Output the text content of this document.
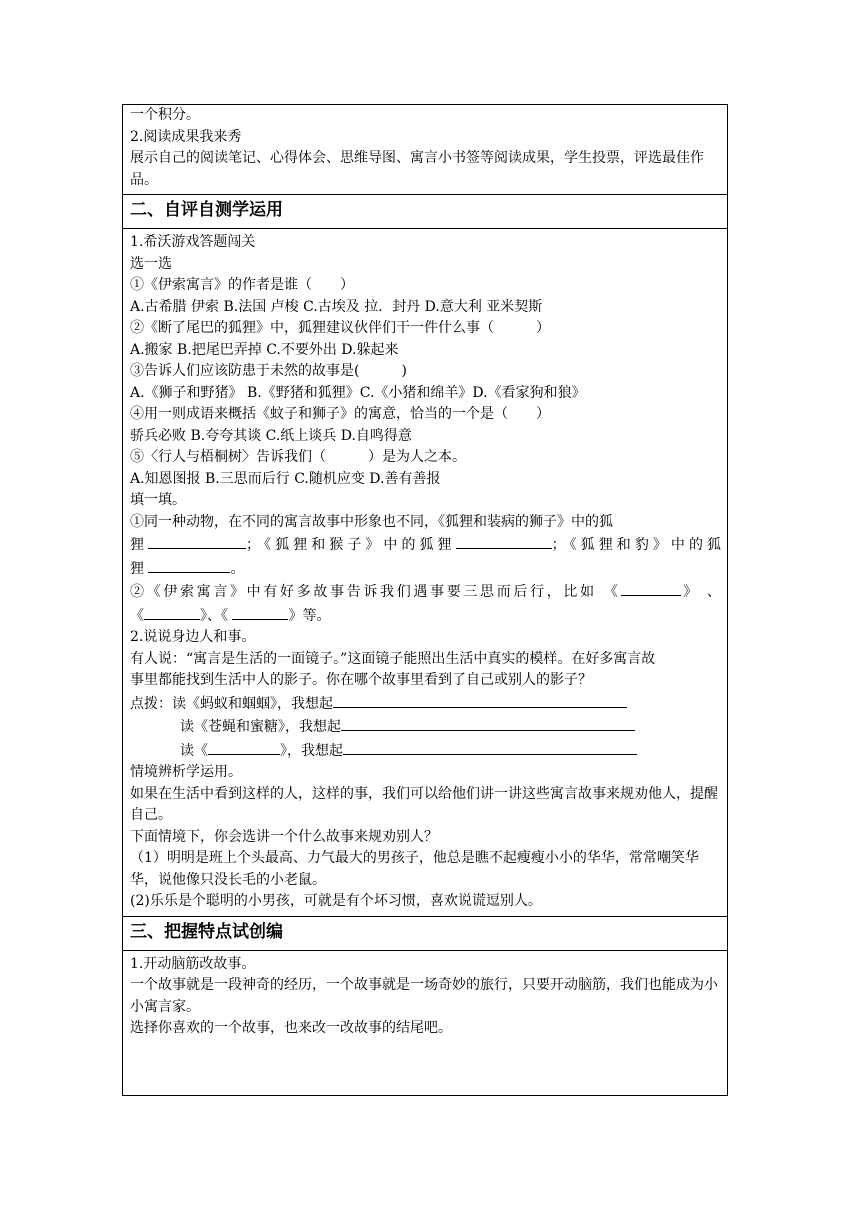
一个积分。
2.阅读成果我来秀
展示自己的阅读笔记、心得体会、思维导图、寓言小书签等阅读成果，学生投票，评选最佳作品。
二、自评自测学运用
1.希沃游戏答题闯关
选一选
①《伊索寓言》的作者是谁（　　）
A.古希腊 伊索 B.法国 卢梭 C.古埃及 拉．封丹 D.意大利 亚米契斯
②《断了尾巴的狐狸》中，狐狸建议伙伴们干一件什么事（　　　）
A.搬家 B.把尾巴弄掉 C.不要外出 D.躲起来
③告诉人们应该防患于未然的故事是(　　　)
A.《狮子和野猪》 B.《野猪和狐狸》C.《小猪和绵羊》D.《看家狗和狼》
④用一则成语来概括《蚊子和狮子》的寓意，恰当的一个是（　　）
骄兵必败 B.夸夸其谈 C.纸上谈兵 D.自鸣得意
⑤〈行人与梧桐树〉告诉我们（　　　）是为人之本。
A.知恩图报 B.三思而后行 C.随机应变 D.善有善报
填一填。
①同一种动物，在不同的寓言故事中形象也不同，《狐狸和装病的狮子》中的狐
狸	；《狐狸和猴子》中的狐狸	；《狐狸和豹》中的狐
狸	。
②《伊索寓言》中有好多故事告诉我们遇事要三思而后行，比如 《	》 、
《	》、《	》等。
2.说说身边人和事。
有人说：“寓言是生活的一面镜子。”这面镜子能照出生活中真实的模样。在好多寓言故
事里都能找到生活中人的影子。你在哪个故事里看到了自己或别人的影子？
点拨：读《蚂蚁和蝈蝈》，我想起
读《苍蝇和蜜糖》，我想起
读《	》，我想起
情境辨析学运用。
如果在生活中看到这样的人，这样的事，我们可以给他们讲一讲这些寓言故事来规劝他人，提醒自己。
下面情境下，你会选讲一个什么故事来规劝别人？
（1）明明是班上个头最高、力气最大的男孩子，他总是瞧不起瘦瘦小小的华华，常常嘲笑华华，说他像只没长毛的小老鼠。
(2)乐乐是个聪明的小男孩，可就是有个坏习惯，喜欢说谎逗别人。
三、把握特点试创编
1.开动脑筋改故事。
一个故事就是一段神奇的经历，一个故事就是一场奇妙的旅行，只要开动脑筋，我们也能成为小小寓言家。
选择你喜欢的一个故事，也来改一改故事的结尾吧。
